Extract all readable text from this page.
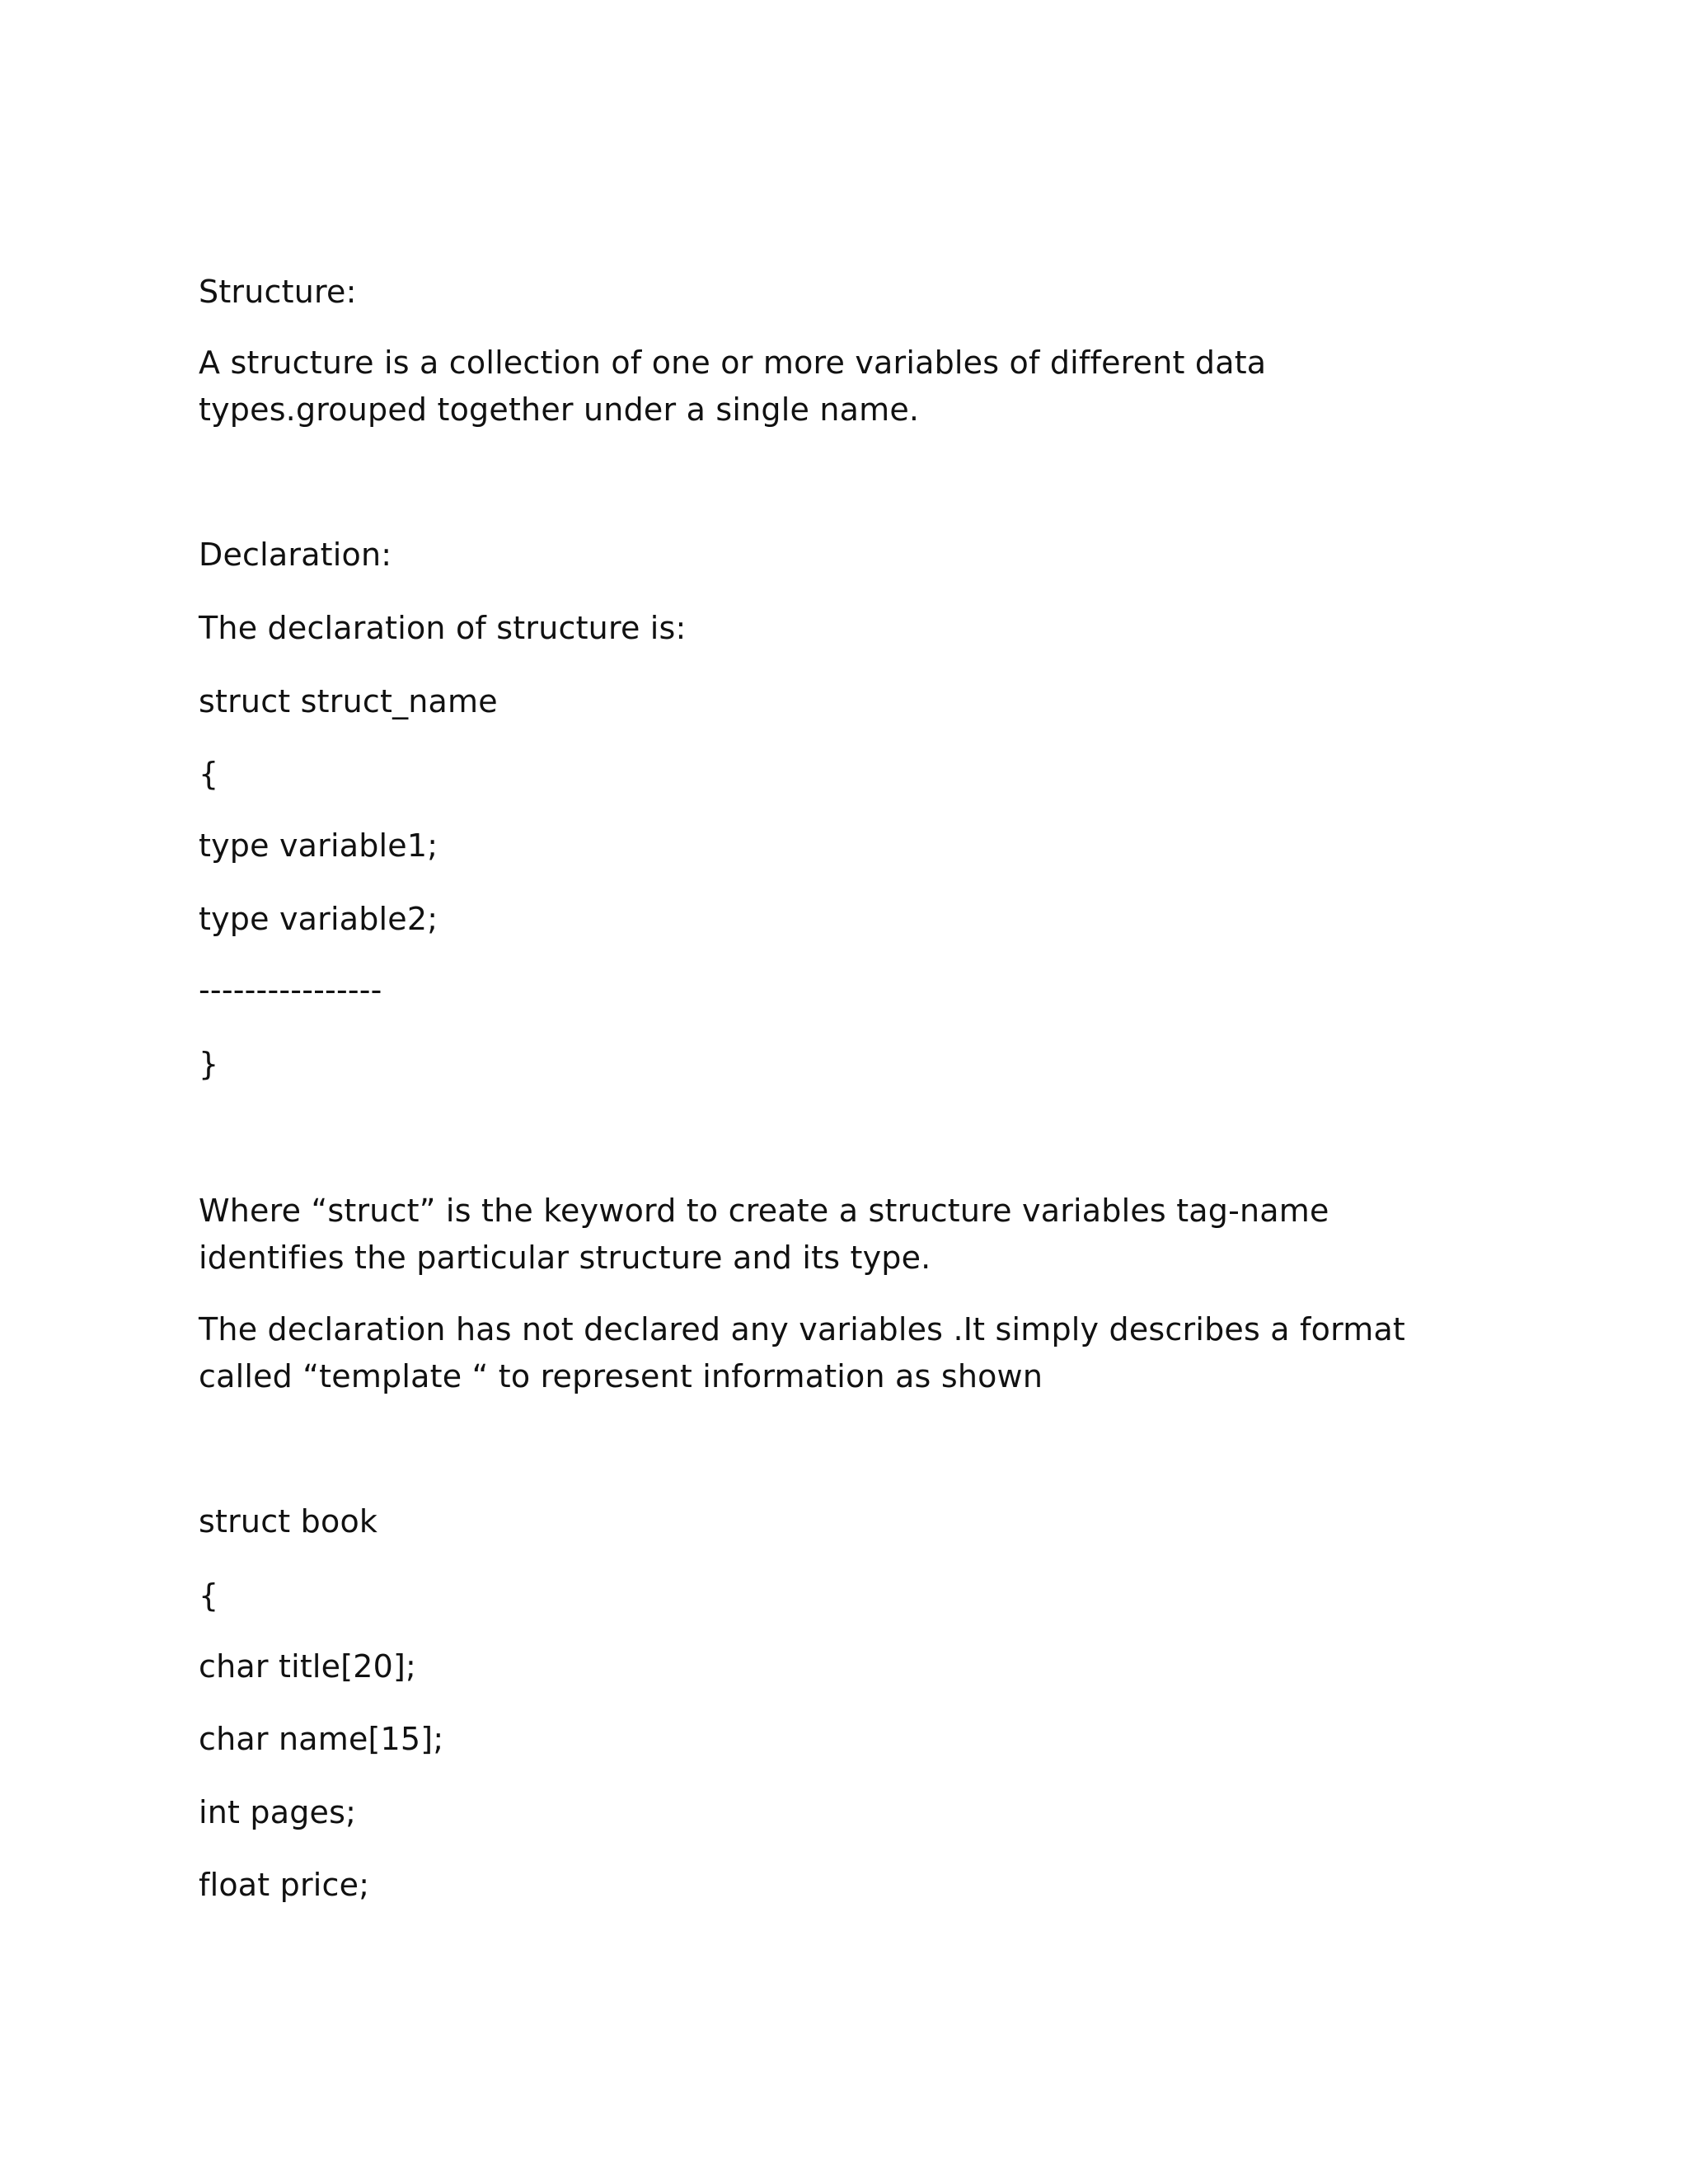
Structure:

A structure is a collection of one or more variables of different data

types.grouped together under a single name.

Declaration:

The declaration of structure is:

struct struct_name

{

type variable1;

type variable2;

----------------

}

Where “struct” is the keyword to create a structure variables tag-name

identifies the particular structure and its type.

The declaration has not declared any variables .It simply describes a format

called “template “ to represent information as shown

struct book

{

char title[20];

char name[15];

int pages;

float price;
